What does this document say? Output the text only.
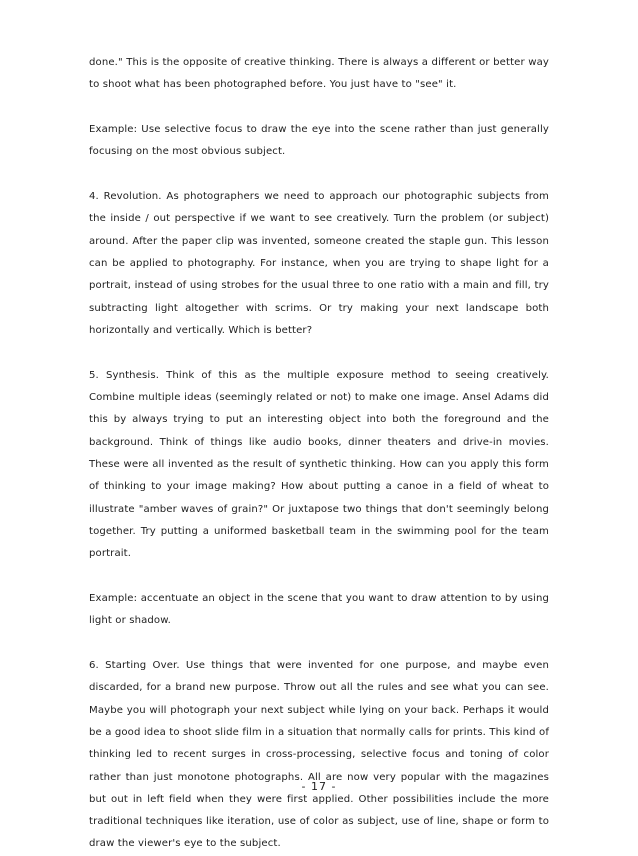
done." This is the opposite of creative thinking. There is always a different or better way to shoot what has been photographed before. You just have to "see" it.

Example: Use selective focus to draw the eye into the scene rather than just generally focusing on the most obvious subject.

4. Revolution. As photographers we need to approach our photographic subjects from the inside / out perspective if we want to see creatively. Turn the problem (or subject) around. After the paper clip was invented, someone created the staple gun. This lesson can be applied to photography. For instance, when you are trying to shape light for a portrait, instead of using strobes for the usual three to one ratio with a main and fill, try subtracting light altogether with scrims. Or try making your next landscape both horizontally and vertically. Which is better?

5. Synthesis. Think of this as the multiple exposure method to seeing creatively. Combine multiple ideas (seemingly related or not) to make one image. Ansel Adams did this by always trying to put an interesting object into both the foreground and the background. Think of things like audio books, dinner theaters and drive-in movies. These were all invented as the result of synthetic thinking. How can you apply this form of thinking to your image making? How about putting a canoe in a field of wheat to illustrate "amber waves of grain?" Or juxtapose two things that don't seemingly belong together. Try putting a uniformed basketball team in the swimming pool for the team portrait.

Example: accentuate an object in the scene that you want to draw attention to by using light or shadow.

6. Starting Over. Use things that were invented for one purpose, and maybe even discarded, for a brand new purpose. Throw out all the rules and see what you can see. Maybe you will photograph your next subject while lying on your back. Perhaps it would be a good idea to shoot slide film in a situation that normally calls for prints. This kind of thinking led to recent surges in cross-processing, selective focus and toning of color rather than just monotone photographs. All are now very popular with the magazines but out in left field when they were first applied. Other possibilities include the more traditional techniques like iteration, use of color as subject, use of line, shape or form to draw the viewer's eye to the subject.

- 17 -
